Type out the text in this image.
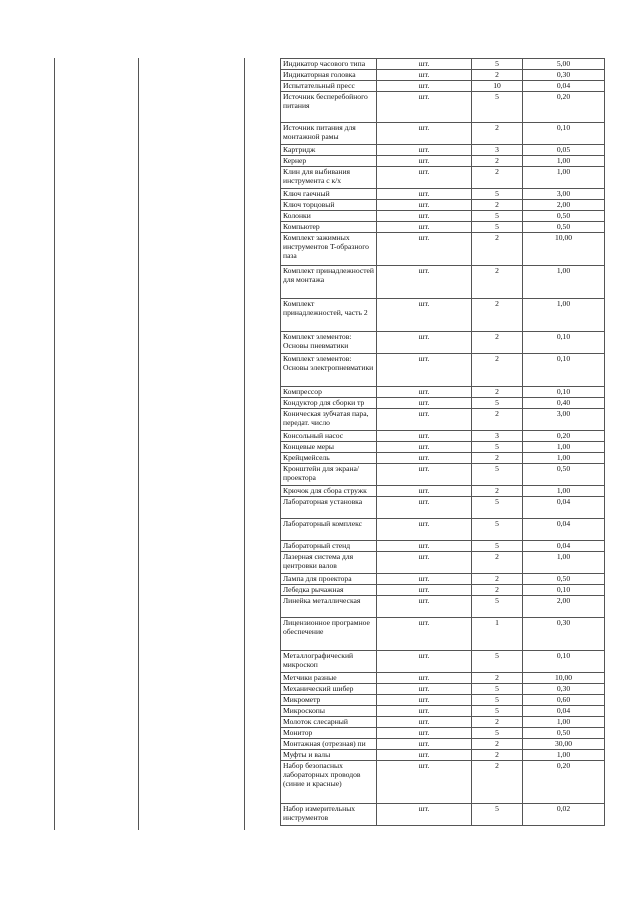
Индикатор часового типа	шт.	5	5,00
Индикаторная головка	шт.	2	0,30
Испытательный пресс	шт.	10	0,04
Источник бесперебойного питания	шт.	5	0,20
Источник питания для монтажной рамы	шт.	2	0,10
Картридж	шт.	3	0,05
Кернер	шт.	2	1,00
Клин для выбивания инструмента с к/х	шт.	2	1,00
Ключ гаечный	шт.	5	3,00
Ключ торцовый	шт.	2	2,00
Колонки	шт.	5	0,50
Компьютер	шт.	5	0,50
Комплект зажимных инструментов T-образного паза	шт.	2	10,00
Комплект принадлежностей для монтажа	шт.	2	1,00
Комплект принадлежностей, часть 2	шт.	2	1,00
Комплект элементов: Основы пневматики	шт.	2	0,10
Комплект элементов: Основы электропневматики	шт.	2	0,10
Компрессор	шт.	2	0,10
Кондуктор для сборки тр	шт.	5	0,40
Коническая зубчатая пара, передат. число	шт.	2	3,00
Консольный насос	шт.	3	0,20
Концевые меры	шт.	5	1,00
Крейцмейсель	шт.	2	1,00
Кронштейн для экрана/ проектора	шт.	5	0,50
Крючок для сбора стружк	шт.	2	1,00
Лабораторная установка	шт.	5	0,04
Лабораторный комплекс	шт.	5	0,04
Лабораторный стенд	шт.	5	0,04
Лазерная система для центровки валов	шт.	2	1,00
Лампа для проектора	шт.	2	0,50
Лебедка рычажная	шт.	2	0,10
Линейка металлическая	шт.	5	2,00
Лицензионное програмное обеспечение	шт.	1	0,30
Металлографический микроскоп	шт.	5	0,10
Метчики разные	шт.	2	10,00
Механический шибер	шт.	5	0,30
Микрометр	шт.	5	0,60
Микроскопы	шт.	5	0,04
Молоток слесарный	шт.	2	1,00
Монитор	шт.	5	0,50
Монтажная (отрезная) пи	шт.	2	30,00
Муфты и валы	шт.	2	1,00
Набор безопасных лабораторных проводов (синие и красные)	шт.	2	0,20
Набор измерительных инструментов	шт.	5	0,02
